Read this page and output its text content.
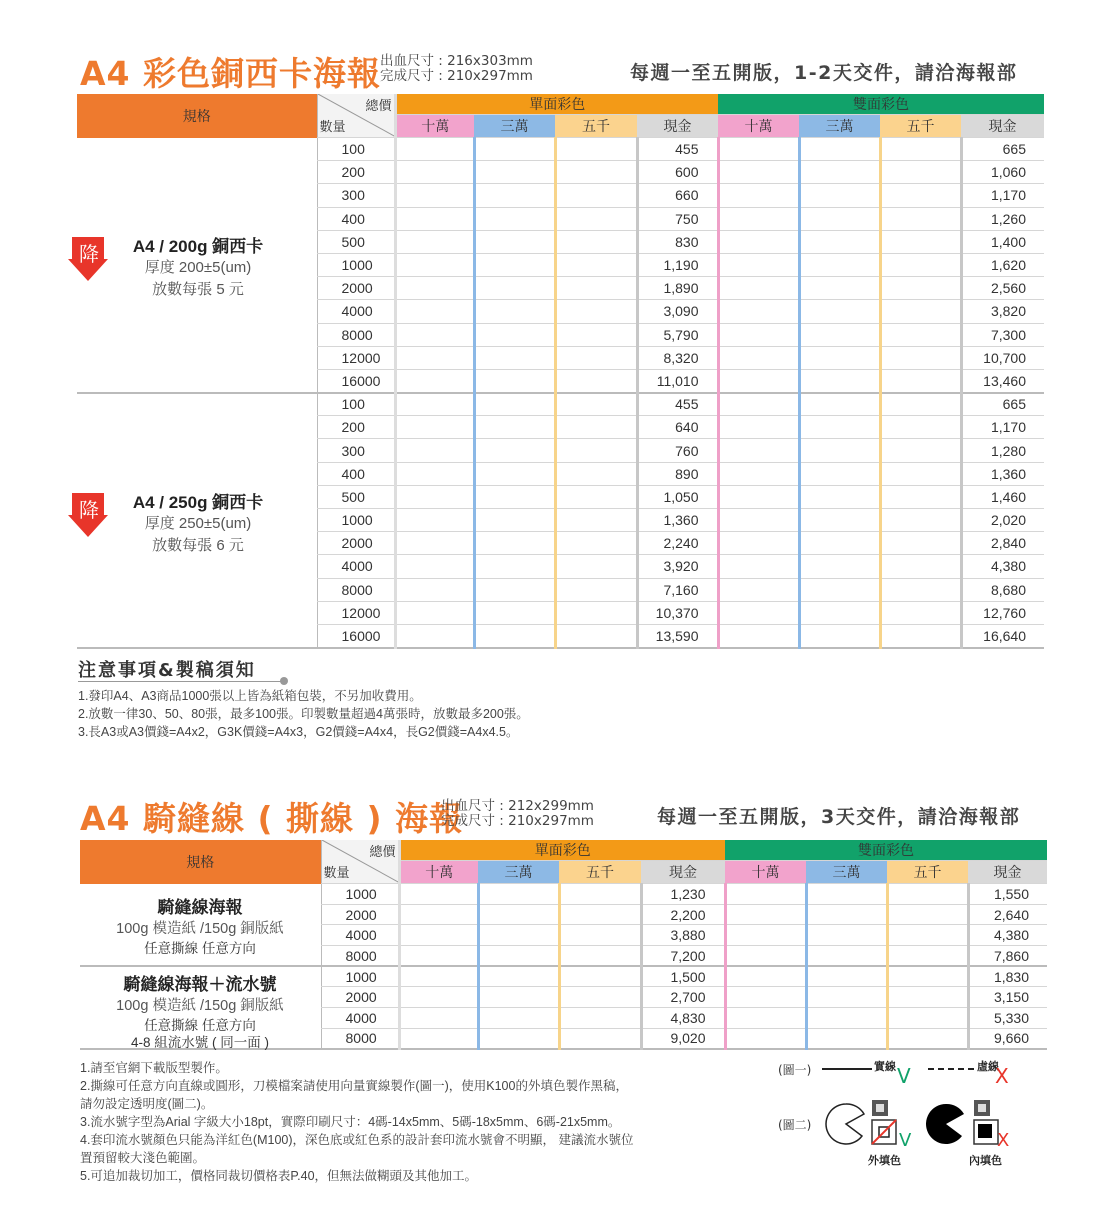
A4 彩色銅西卡海報 出血尺寸 : 216x303mm
完成尺寸 : 210x297mm	每週一至五開版，1-2天交件，請洽海報部
規格	總價
數量	單面彩色				雙面彩色			
		十萬	三萬	五千	現金	十萬	三萬	五千	現金
	100				455				665
	200				600				1,060
	300				660				1,170
	400				750				1,260
	500				830				1,400
	1000				1,190				1,620
	2000				1,890				2,560
	4000				3,090				3,820
	8000				5,790				7,300
	12000				8,320				10,700
	16000				11,010				13,460
	100				455				665
	200				640				1,170
	300				760				1,280
	400				890				1,360
	500				1,050				1,460
	1000				1,360				2,020
	2000				2,240				2,840
	4000				3,920				4,380
	8000				7,160				8,680
	12000				10,370				12,760
	16000				13,590				16,640
降	A4 / 200g 銅西卡
厚度 200±5(um)
放數每張 5 元
降	A4 / 250g 銅西卡
厚度 250±5(um)
放數每張 6 元
注意事項&製稿須知
1.發印A4、A3商品1000張以上皆為紙箱包裝，不另加收費用。
2.放數一律30、50、80張，最多100張。印製數量超過4萬張時，放數最多200張。
3.長A3或A3價錢=A4x2，G3K價錢=A4x3，G2價錢=A4x4，長G2價錢=A4x4.5。
A4 騎縫線 ( 撕線 ) 海報
出血尺寸 : 212x299mm
完成尺寸 : 210x297mm	每週一至五開版，3天交件，請洽海報部
規格	總價
數量	單面彩色				雙面彩色			
		十萬	三萬	五千	現金	十萬	三萬	五千	現金
	1000				1,230				1,550
	2000				2,200				2,640
	4000				3,880				4,380
	8000				7,200				7,860
	1000				1,500				1,830
	2000				2,700				3,150
	4000				4,830				5,330
	8000				9,020				9,660
騎縫線海報
100g 模造紙 /150g 銅版紙
任意撕線 任意方向
騎縫線海報＋流水號
100g 模造紙 /150g 銅版紙
任意撕線 任意方向
4-8 組流水號 ( 同一面 )
1.請至官網下載版型製作。
2.撕線可任意方向直線或圓形，刀模檔案請使用向量實線製作(圖一)，使用K100的外填色製作黑稿，
請勿設定透明度(圖二)。
3.流水號字型為Arial 字級大小18pt，實際印刷尺寸：4碼-14x5mm、5碼-18x5mm、6碼-21x5mm。
4.套印流水號顏色只能為洋紅色(M100)，深色底或紅色系的設計套印流水號會不明顯， 建議流水號位
置預留較大淺色範圍。
5.可追加裁切加工，價格同裁切價格表P.40，但無法做糊頭及其他加工。
(圖一)	實線 V	虛線
X
(圖二)
V	X
外填色	內填色
